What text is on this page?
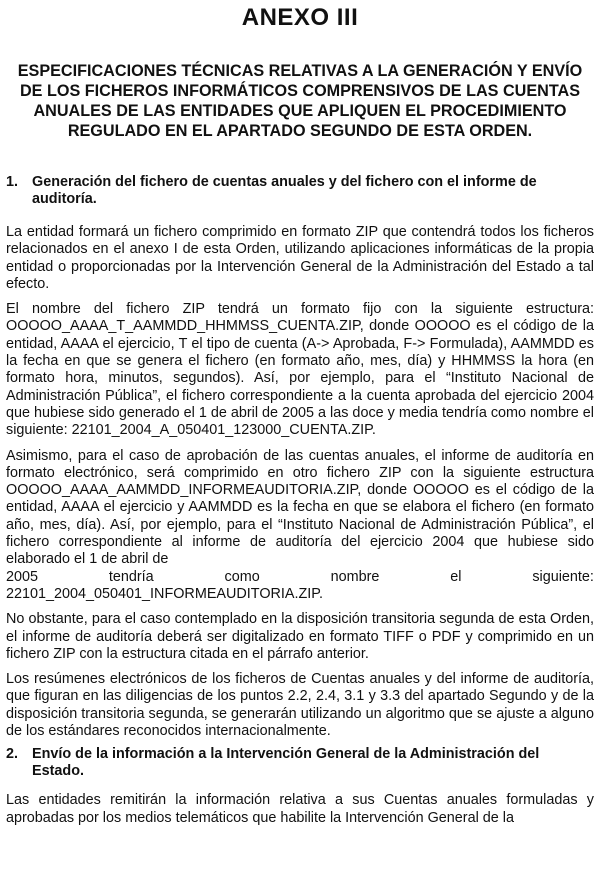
ANEXO III
ESPECIFICACIONES TÉCNICAS RELATIVAS A LA GENERACIÓN Y ENVÍO DE LOS FICHEROS INFORMÁTICOS COMPRENSIVOS DE LAS CUENTAS ANUALES DE LAS ENTIDADES QUE APLIQUEN EL PROCEDIMIENTO REGULADO EN EL APARTADO SEGUNDO DE ESTA ORDEN.
1. Generación del fichero de cuentas anuales y del fichero con el informe de auditoría.

La entidad formará un fichero comprimido en formato ZIP que contendrá todos los ficheros relacionados en el anexo I de esta Orden, utilizando aplicaciones informáticas de la propia entidad o proporcionadas por la Intervención General de la Administración del Estado a tal efecto.

El nombre del fichero ZIP tendrá un formato fijo con la siguiente estructura: OOOOO_AAAA_T_AAMMDD_HHMMSS_CUENTA.ZIP, donde OOOOO es el código de la entidad, AAAA el ejercicio, T el tipo de cuenta (A-> Aprobada, F-> Formulada), AAMMDD es la fecha en que se genera el fichero (en formato año, mes, día) y HHMMSS la hora (en formato hora, minutos, segundos). Así, por ejemplo, para el “Instituto Nacional de Administración Pública”, el fichero correspondiente a la cuenta aprobada del ejercicio 2004 que hubiese sido generado el 1 de abril de 2005 a las doce y media tendría como nombre el siguiente: 22101_2004_A_050401_123000_CUENTA.ZIP.

Asimismo, para el caso de aprobación de las cuentas anuales, el informe de auditoría en formato electrónico, será comprimido en otro fichero ZIP con la siguiente estructura OOOOO_AAAA_AAMMDD_INFORMEAUDITORIA.ZIP, donde OOOOO es el código de la entidad, AAAA el ejercicio y AAMMDD es la fecha en que se elabora el fichero (en formato año, mes, día). Así, por ejemplo, para el “Instituto Nacional de Administración Pública”, el fichero correspondiente al informe de auditoría del ejercicio 2004 que hubiese sido elaborado el 1 de abril de

2005	tendría	como	nombre	el	siguiente:

22101_2004_050401_INFORMEAUDITORIA.ZIP.

No obstante, para el caso contemplado en la disposición transitoria segunda de esta Orden, el informe de auditoría deberá ser digitalizado en formato TIFF o PDF y comprimido en un fichero ZIP con la estructura citada en el párrafo anterior.

Los resúmenes electrónicos de los ficheros de Cuentas anuales y del informe de auditoría, que figuran en las diligencias de los puntos 2.2, 2.4, 3.1 y 3.3 del apartado Segundo y de la disposición transitoria segunda, se generarán utilizando un algoritmo que se ajuste a alguno de los estándares reconocidos internacionalmente.

2. Envío de la información a la Intervención General de la Administración del Estado.

Las entidades remitirán la información relativa a sus Cuentas anuales formuladas y aprobadas por los medios telemáticos que habilite la Intervención General de la
